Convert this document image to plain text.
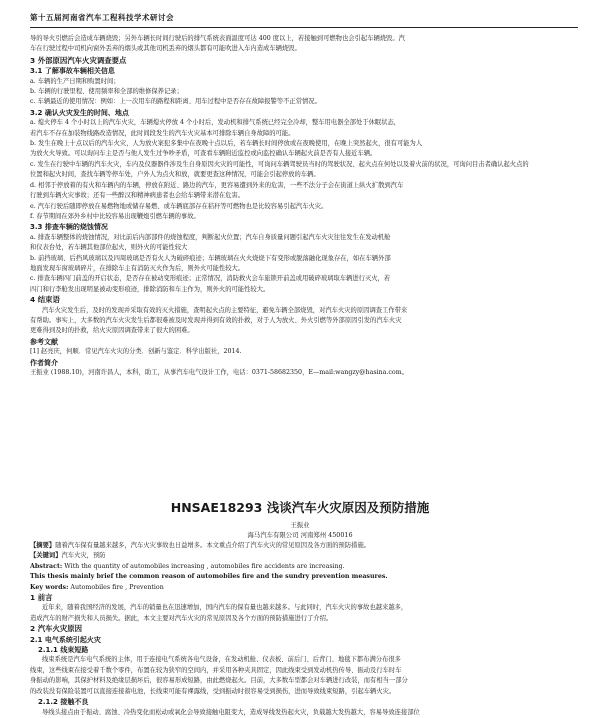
第十五届河南省汽车工程科技学术研讨会

导的导火引燃后会造成车辆烧毁；另外车辆长时间行驶后的排气系统表面温度可达 400 度以上，若接触到可燃物也会引起车辆烧毁。汽

车在行驶过程中司机向窗外丢弃的烟头或其他司机丢弃的烟头都有可能吹进入车内造成车辆烧毁。

3 外部原因汽车火灾调查要点

3.1 了解事故车辆相关信息

a. 车辆的生产日期和购置时间；

b. 车辆的行驶里程、使用频率和全部的维修保养记录；

c. 车辆最近的使用情况：例如：上一次用车的路程和距离、用车过程中是否存在故障报警等不正常情况。

3.2 确认火灾发生的时间、地点

a. 熄火停车 4 个小时以上的汽车火灾，车辆熄火停放 4 个小时后，发动机和排气系统已经完全冷却，整车用电器全部处于休眠状态，

若汽车不存在加装物线路改造情况，此时间段发生的汽车火灾基本可排除车辆自身故障的可能。

b. 发生在晚上十点以后的汽车火灾，人为放火案犯多集中在夜晚十点以后，若车辆长时间停放或在夜晚使用，在晚上突然起火，很有可能为人

为放火火导致。可以询问车主是否与他人发生过争吵矛盾，可查看车辆附近监控或向监控确认车辆起火前是否有人接近车辆。

c. 发生在行驶中车辆的汽车火灾，车内及仪器器件涉及生自身原因火灾的可能性，可询问车辆驾驶员当时的驾驶状况、起火点在何处以及着火前的状况，可询问目击者确认起火点的

位置和起火时间，查找车辆等停车处，户外人为点火和放，就要更查这种情况，可能会引起停放的车辆。

d. 相邻于停放着的有火和车辆内的车辆，停放在附近、路边的汽车，更容易遭到外来的危害，一些不法分子会在街道上纵火扩散到汽车

行驶到车辆火灾事故；还有一些醉汉和精神病患者也会给车辆带来潜在危害。

e. 汽车行驶后随即停放在易燃物地或储存易燃、或车辆底部存在秸秆等可燃物也是比较容易引起汽车火灾。

f. 春节期间在郊外乡村中比较容易出现鞭炮引燃车辆的事故。

3.3 排查车辆的烧蚀情况

a. 排查车辆整体的烧蚀情况，对比前后内部部件的烧蚀程度，判断起火位置；汽车自身质量问题引起汽车火灾往往发生在发动机舱

和仪表台处，若车辆其他部位起火，则外火的可能性较大

b. 前挡玻璃、后挡风玻璃以及四周玻璃是否有火人为破碎痕迹；车辆玻璃在火火烧烧下有变形或脱落融化现象存在，如在车辆外部

地面发现车窗玻璃碎片，在排除车主有消防灭火作为后，则外火可能性较大。

c. 排查车辆四门前盖的开启状态，是否存在被动变形痕迹；正常情况，消防救火会车旅锁开前盖或用破碎玻璃取车辆进行灭火，若

四门和行李舱发出现明显被动变形痕迹，排除消防和车主作为，则外火的可能性较大。

4 结束语

汽车火灾发生后，及时的发现并采取有效的灭火措施，查明起火点的主要特征，避免车辆全部烧毁，对汽车火灾的原因调查工作带来

有帮助。事实上，大多数的汽车火灾发生后都很难被及时发现并得到有效的扑救，对于人为放火、外火引燃等外部原因引发的汽车火灾

更难得到及时的扑救，给火灾原因调查带来了很大的困难。

参考文献

[1] 赵亮庆，何顺．常见汽车火灾的分类．创新与鉴定．科学出版社，2014.

作者简介

王振业 (1988.10)，河南许昌人，本科，助工，从事汽车电气设计工作，电话：0371-58682350，E—mail:wangzy@hasina.com。

HNSAE18293 浅谈汽车火灾原因及预防措施
王振业
海马汽车有限公司 河南郑州 450016

【摘要】随着汽车保有量越来越多，汽车火灾事故也日益增多。本文重点介绍了汽车火灾的常见原因及各方面的预防措施。

【关键词】汽车火灾，预防

Abstract: With the quantity of automobiles increasing , automobiles fire accidents are increasing.

This thesis mainly brief the common reason of automobiles fire and the sundry prevention measures.

Key words: Automobiles fire , Prevention

1 前言

近年来，随着我国经济的发展，汽车的销量也在迅速增加，国内汽车的保有量也越来越多。与此同时，汽车火灾的事故也越来越多，

造成汽车的财产损失和人员损失。据此，本文主要对汽车火灾的常见原因及各个方面的预防措施进行了介绍。

2 汽车火灾原因

2.1 电气系统引起火灾

2.1.1 线束短路

线束系统是汽车电气系统的主体，用于连接电气系统各电气设备，在发动机舱、仪表板、前后门、后背门、地毯下都布满分布很多

线束，这些线束在接受着千数个零件，布置在较为狭窄的空间内，并采用各种夹具固定，因此线束受到发动机热传导、振动及行车时车

身振动的影响，其保护材料及绝缘层损坏后，很容易形成短路，由此燃烧起火。目前，大多数车型都会对车辆进行改装，而有相当一部分

的改装没有保险装置可以直接连接蓄电池，长线束可能有裸露线，受到振动时很容易受到损伤，进而导致线束短路，引起车辆火灾。

2.1.2 接触不良

导线头接点由于振动、腐蚀、冷热变化而松动或氧化会导致接触电阻变大，造成导线发热起火灾，负载越大发热越大，容易导致连接部位
